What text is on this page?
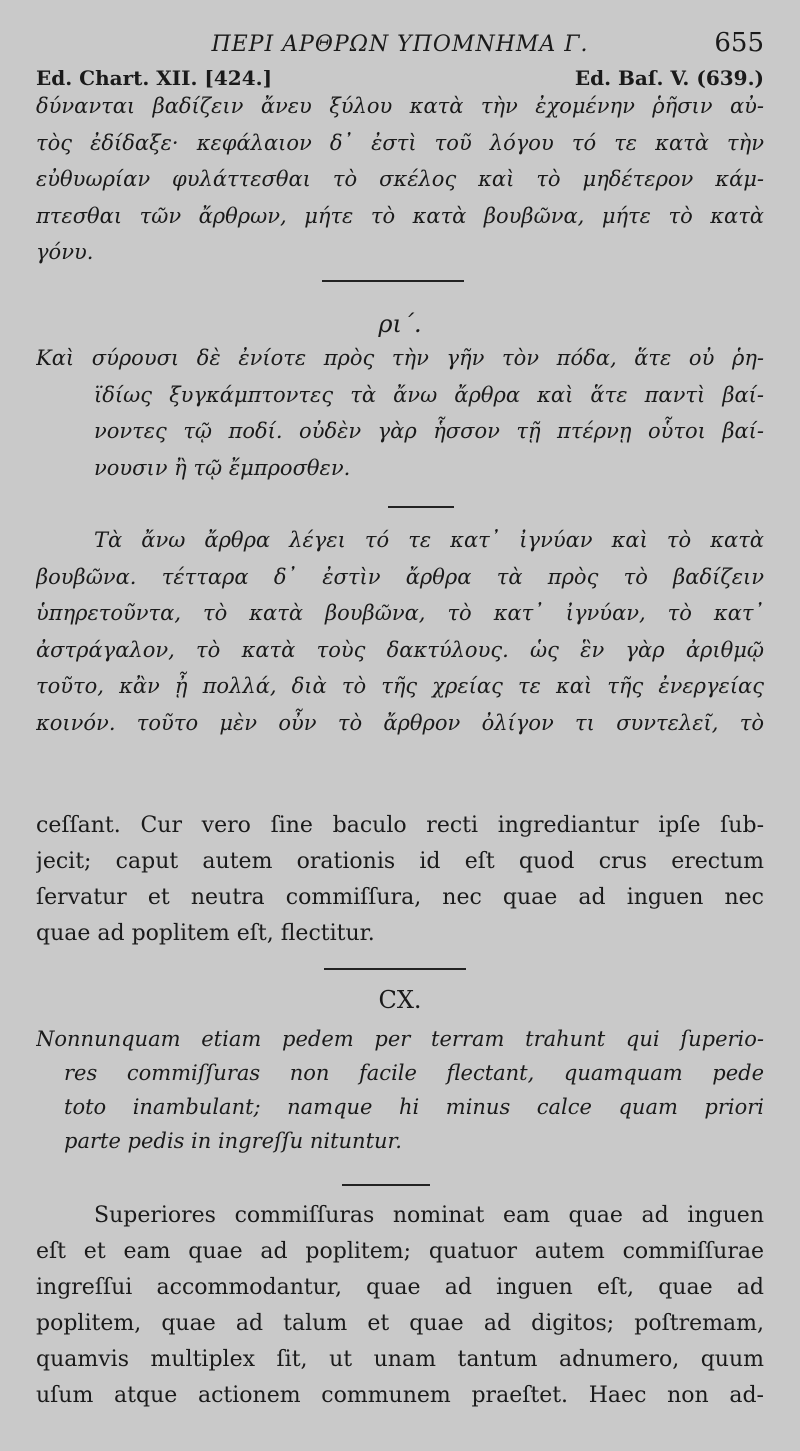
ΠΕΡΙ ΑΡΘΡΩΝ ΥΠΟΜΝΗΜΑ Γ.	655
Ed. Chart. XII. [424.]	Ed. Baſ. V. (639.)
δύνανται βαδίζειν ἄνευ ξύλου κατὰ τὴν ἐχομένην ῥῆσιν αὐ-
τὸς ἐδίδαξε· κεφάλαιον δ᾽ ἐστὶ τοῦ λόγου τό τε κατὰ τὴν
εὐθυωρίαν φυλάττεσθαι τὸ σκέλος καὶ τὸ μηδέτερον κάμ-
πτεσθαι τῶν ἄρθρων, μήτε τὸ κατὰ βουβῶνα, μήτε τὸ κατὰ
γόνυ.
ρι΄.
Καὶ σύρουσι δὲ ἐνίοτε πρὸς τὴν γῆν τὸν πόδα, ἅτε οὐ ῥη-
ϊδίως ξυγκάμπτοντες τὰ ἄνω ἄρθρα καὶ ἅτε παντὶ βαί-
νοντες τῷ ποδί. οὐδὲν γὰρ ἧσσον τῇ πτέρνῃ οὗτοι βαί-
νουσιν ἢ τῷ ἔμπροσθεν.
Τὰ ἄνω ἄρθρα λέγει τό τε κατ᾽ ἰγνύαν καὶ τὸ κατὰ
βουβῶνα. τέτταρα δ᾽ ἐστὶν ἄρθρα τὰ πρὸς τὸ βαδίζειν
ὑπηρετοῦντα, τὸ κατὰ βουβῶνα, τὸ κατ᾽ ἰγνύαν, τὸ κατ᾽
ἀστράγαλον, τὸ κατὰ τοὺς δακτύλους. ὡς ἓν γὰρ ἀριθμῷ
τοῦτο, κἂν ᾖ πολλά, διὰ τὸ τῆς χρείας τε καὶ τῆς ἐνεργείας
κοινόν. τοῦτο μὲν οὖν τὸ ἄρθρον ὀλίγον τι συντελεῖ, τὸ
ceſſant. Cur vero ſine baculo recti ingrediantur ipſe ſub-
jecit; caput autem orationis id eſt quod crus erectum
ſervatur et neutra commiſſura, nec quae ad inguen nec
quae ad poplitem eſt, flectitur.
CX.
Nonnunquam etiam pedem per terram trahunt qui ſuperio-
res commiſſuras non facile flectant, quamquam pede
toto inambulant; namque hi minus calce quam priori
parte pedis in ingreſſu nituntur.
Superiores commiſſuras nominat eam quae ad inguen
eſt et eam quae ad poplitem; quatuor autem commiſſurae
ingreſſui accommodantur, quae ad inguen eſt, quae ad
poplitem, quae ad talum et quae ad digitos; poſtremam,
quamvis multiplex ſit, ut unam tantum adnumero, quum
uſum atque actionem communem praeſtet. Haec non ad-
